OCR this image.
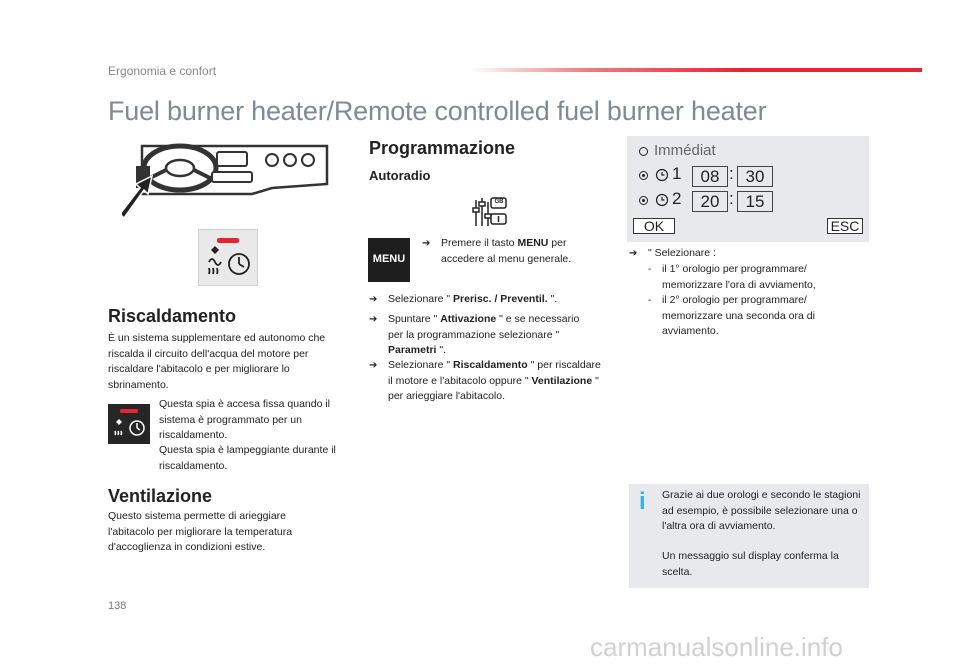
Ergonomia e confort
Fuel burner heater/Remote controlled fuel burner heater
Riscaldamento

È un sistema supplementare ed autonomo che riscalda il circuito dell'acqua del motore per riscaldare l'abitacolo e per migliorare lo sbrinamento.

Questa spia è accesa fissa quando il sistema è programmato per un riscaldamento.

Questa spia è lampeggiante durante il riscaldamento.

Ventilazione

Questo sistema permette di arieggiare l'abitacolo per migliorare la temperatura d'accoglienza in condizioni estive.

Programmazione
Autoradio
GB
MENU
➔ Premere il tasto MENU per accedere al menu generale.
➔ Selezionare " Prerisc. / Preventil. ".
➔ Spuntare " Attivazione " e se necessario per la programmazione selezionare " Parametri ".
➔ Selezionare " Riscaldamento " per riscaldare il motore e l'abitacolo oppure " Ventilazione " per arieggiare l'abitacolo.
Immédiat
1	08 : 30
2	20 : 15
OK	ESC
➔ " Selezionare :
- il 1° orologio per programmare/ memorizzare l'ora di avviamento,
- il 2° orologio per programmare/ memorizzare una seconda ora di avviamento.
i Grazie ai due orologi e secondo le stagioni ad esempio, è possibile selezionare una o l'altra ora di avviamento.

Un messaggio sul display conferma la scelta.

138
carmanualsonline.info
